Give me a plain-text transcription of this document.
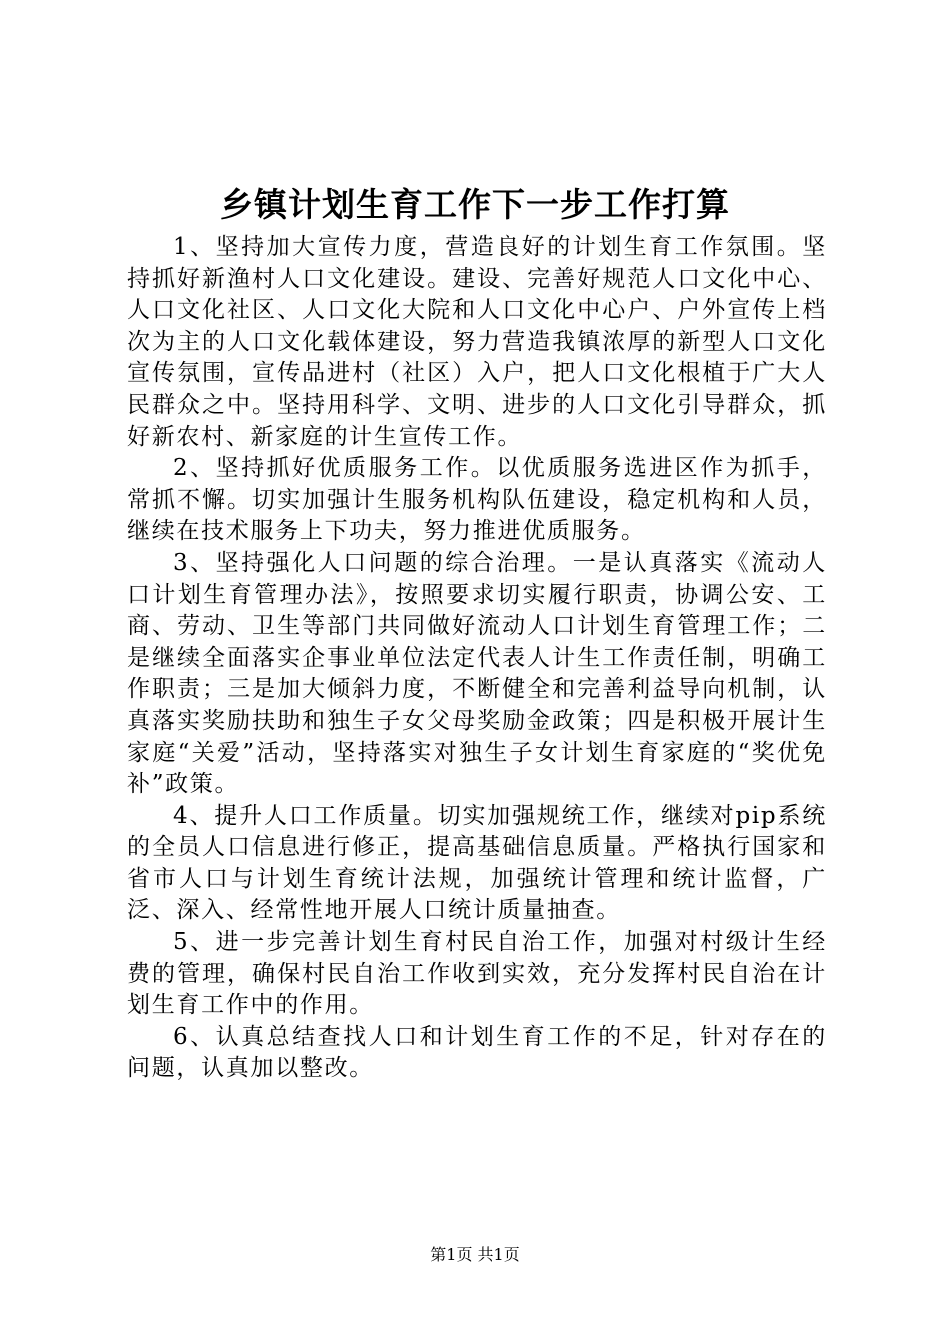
乡镇计划生育工作下一步工作打算

1、坚持加大宣传力度，营造良好的计划生育工作氛围。坚持抓好新渔村人口文化建设。建设、完善好规范人口文化中心、人口文化社区、人口文化大院和人口文化中心户、户外宣传上档次为主的人口文化载体建设，努力营造我镇浓厚的新型人口文化宣传氛围，宣传品进村（社区）入户，把人口文化根植于广大人民群众之中。坚持用科学、文明、进步的人口文化引导群众，抓好新农村、新家庭的计生宣传工作。

2、坚持抓好优质服务工作。以优质服务选进区作为抓手，常抓不懈。切实加强计生服务机构队伍建设，稳定机构和人员，继续在技术服务上下功夫，努力推进优质服务。

3、坚持强化人口问题的综合治理。一是认真落实《流动人口计划生育管理办法》，按照要求切实履行职责，协调公安、工商、劳动、卫生等部门共同做好流动人口计划生育管理工作；二是继续全面落实企事业单位法定代表人计生工作责任制，明确工作职责；三是加大倾斜力度，不断健全和完善利益导向机制，认真落实奖励扶助和独生子女父母奖励金政策；四是积极开展计生家庭“关爱”活动，坚持落实对独生子女计划生育家庭的“奖优免补”政策。

4、提升人口工作质量。切实加强规统工作，继续对pip系统的全员人口信息进行修正，提高基础信息质量。严格执行国家和省市人口与计划生育统计法规，加强统计管理和统计监督，广泛、深入、经常性地开展人口统计质量抽查。

5、进一步完善计划生育村民自治工作，加强对村级计生经费的管理，确保村民自治工作收到实效，充分发挥村民自治在计划生育工作中的作用。

6、认真总结查找人口和计划生育工作的不足，针对存在的问题，认真加以整改。

第1页 共1页
